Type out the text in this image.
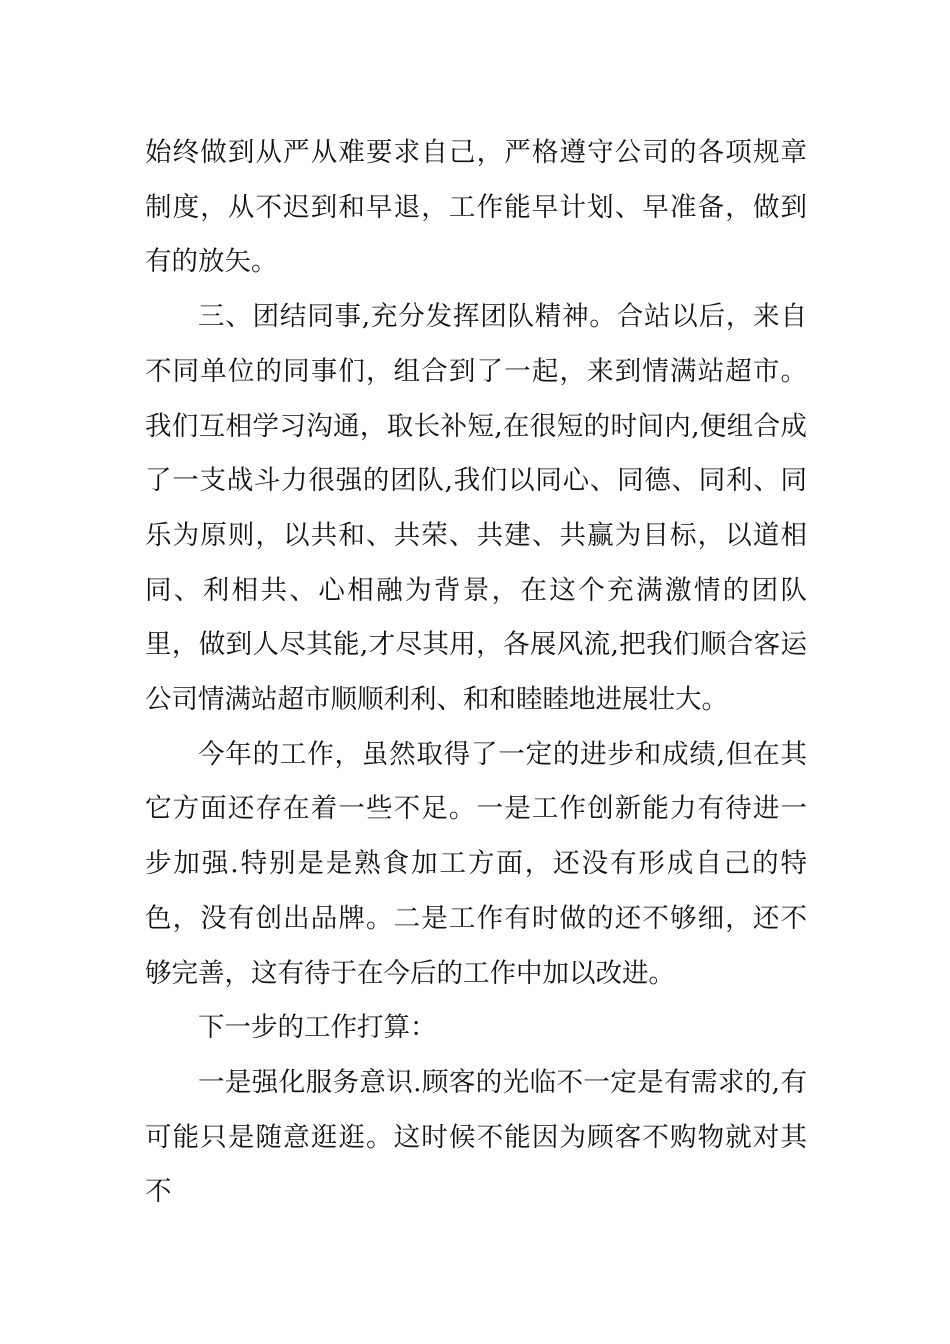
始终做到从严从难要求自己，严格遵守公司的各项规章制度，从不迟到和早退，工作能早计划、早准备，做到有的放矢。

三、团结同事,充分发挥团队精神。合站以后，来自不同单位的同事们，组合到了一起，来到情满站超市。我们互相学习沟通，取长补短,在很短的时间内,便组合成了一支战斗力很强的团队,我们以同心、同德、同利、同乐为原则，以共和、共荣、共建、共赢为目标，以道相同、利相共、心相融为背景，在这个充满激情的团队里，做到人尽其能,才尽其用，各展风流,把我们顺合客运公司情满站超市顺顺利利、和和睦睦地进展壮大。

今年的工作，虽然取得了一定的进步和成绩,但在其它方面还存在着一些不足。一是工作创新能力有待进一步加强.特别是是熟食加工方面，还没有形成自己的特色，没有创出品牌。二是工作有时做的还不够细，还不够完善，这有待于在今后的工作中加以改进。

下一步的工作打算：

一是强化服务意识.顾客的光临不一定是有需求的,有可能只是随意逛逛。这时候不能因为顾客不购物就对其不
